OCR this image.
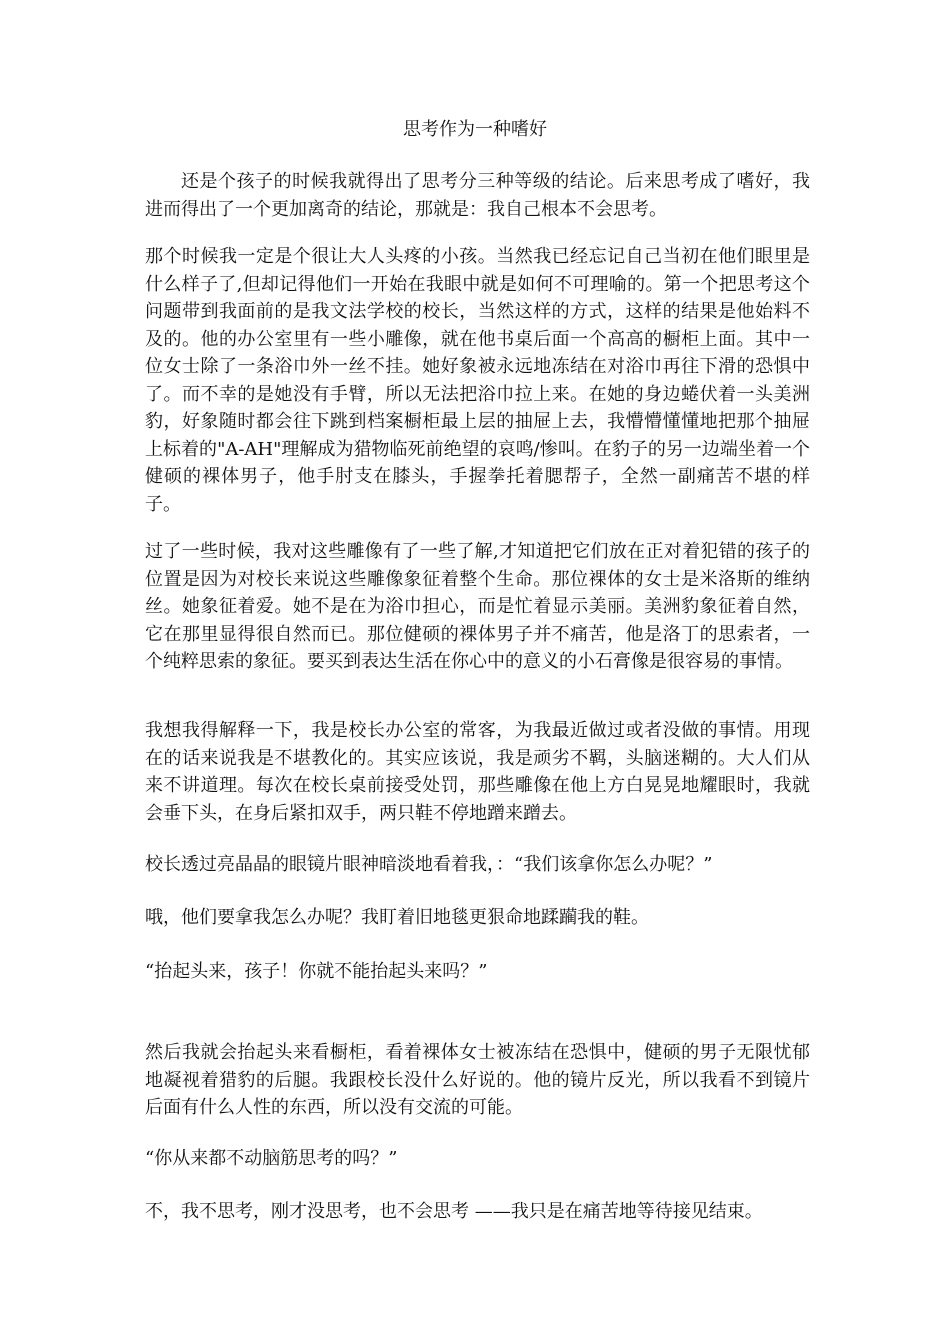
思考作为一种嗜好

还是个孩子的时候我就得出了思考分三种等级的结论。后来思考成了嗜好，我进而得出了一个更加离奇的结论，那就是：我自己根本不会思考。

那个时候我一定是个很让大人头疼的小孩。当然我已经忘记自己当初在他们眼里是什么样子了,但却记得他们一开始在我眼中就是如何不可理喻的。第一个把思考这个问题带到我面前的是我文法学校的校长，当然这样的方式，这样的结果是他始料不及的。他的办公室里有一些小雕像，就在他书桌后面一个高高的橱柜上面。其中一位女士除了一条浴巾外一丝不挂。她好象被永远地冻结在对浴巾再往下滑的恐惧中了。而不幸的是她没有手臂，所以无法把浴巾拉上来。在她的身边蜷伏着一头美洲豹，好象随时都会往下跳到档案橱柜最上层的抽屉上去，我懵懵懂懂地把那个抽屉上标着的"A-AH"理解成为猎物临死前绝望的哀鸣/惨叫。在豹子的另一边端坐着一个健硕的裸体男子，他手肘支在膝头，手握拳托着腮帮子，全然一副痛苦不堪的样子。

过了一些时候，我对这些雕像有了一些了解,才知道把它们放在正对着犯错的孩子的位置是因为对校长来说这些雕像象征着整个生命。那位裸体的女士是米洛斯的维纳丝。她象征着爱。她不是在为浴巾担心，而是忙着显示美丽。美洲豹象征着自然，它在那里显得很自然而已。那位健硕的裸体男子并不痛苦，他是洛丁的思索者，一个纯粹思索的象征。要买到表达生活在你心中的意义的小石膏像是很容易的事情。

我想我得解释一下，我是校长办公室的常客，为我最近做过或者没做的事情。用现在的话来说我是不堪教化的。其实应该说，我是顽劣不羁，头脑迷糊的。大人们从来不讲道理。每次在校长桌前接受处罚，那些雕像在他上方白晃晃地耀眼时，我就会垂下头，在身后紧扣双手，两只鞋不停地蹭来蹭去。

校长透过亮晶晶的眼镜片眼神暗淡地看着我，：“我们该拿你怎么办呢？”

哦，他们要拿我怎么办呢？我盯着旧地毯更狠命地蹂躏我的鞋。

“抬起头来，孩子！你就不能抬起头来吗？”

然后我就会抬起头来看橱柜，看着裸体女士被冻结在恐惧中，健硕的男子无限忧郁地凝视着猎豹的后腿。我跟校长没什么好说的。他的镜片反光，所以我看不到镜片后面有什么人性的东西，所以没有交流的可能。

“你从来都不动脑筋思考的吗？”

不，我不思考，刚才没思考，也不会思考 ——我只是在痛苦地等待接见结束。
